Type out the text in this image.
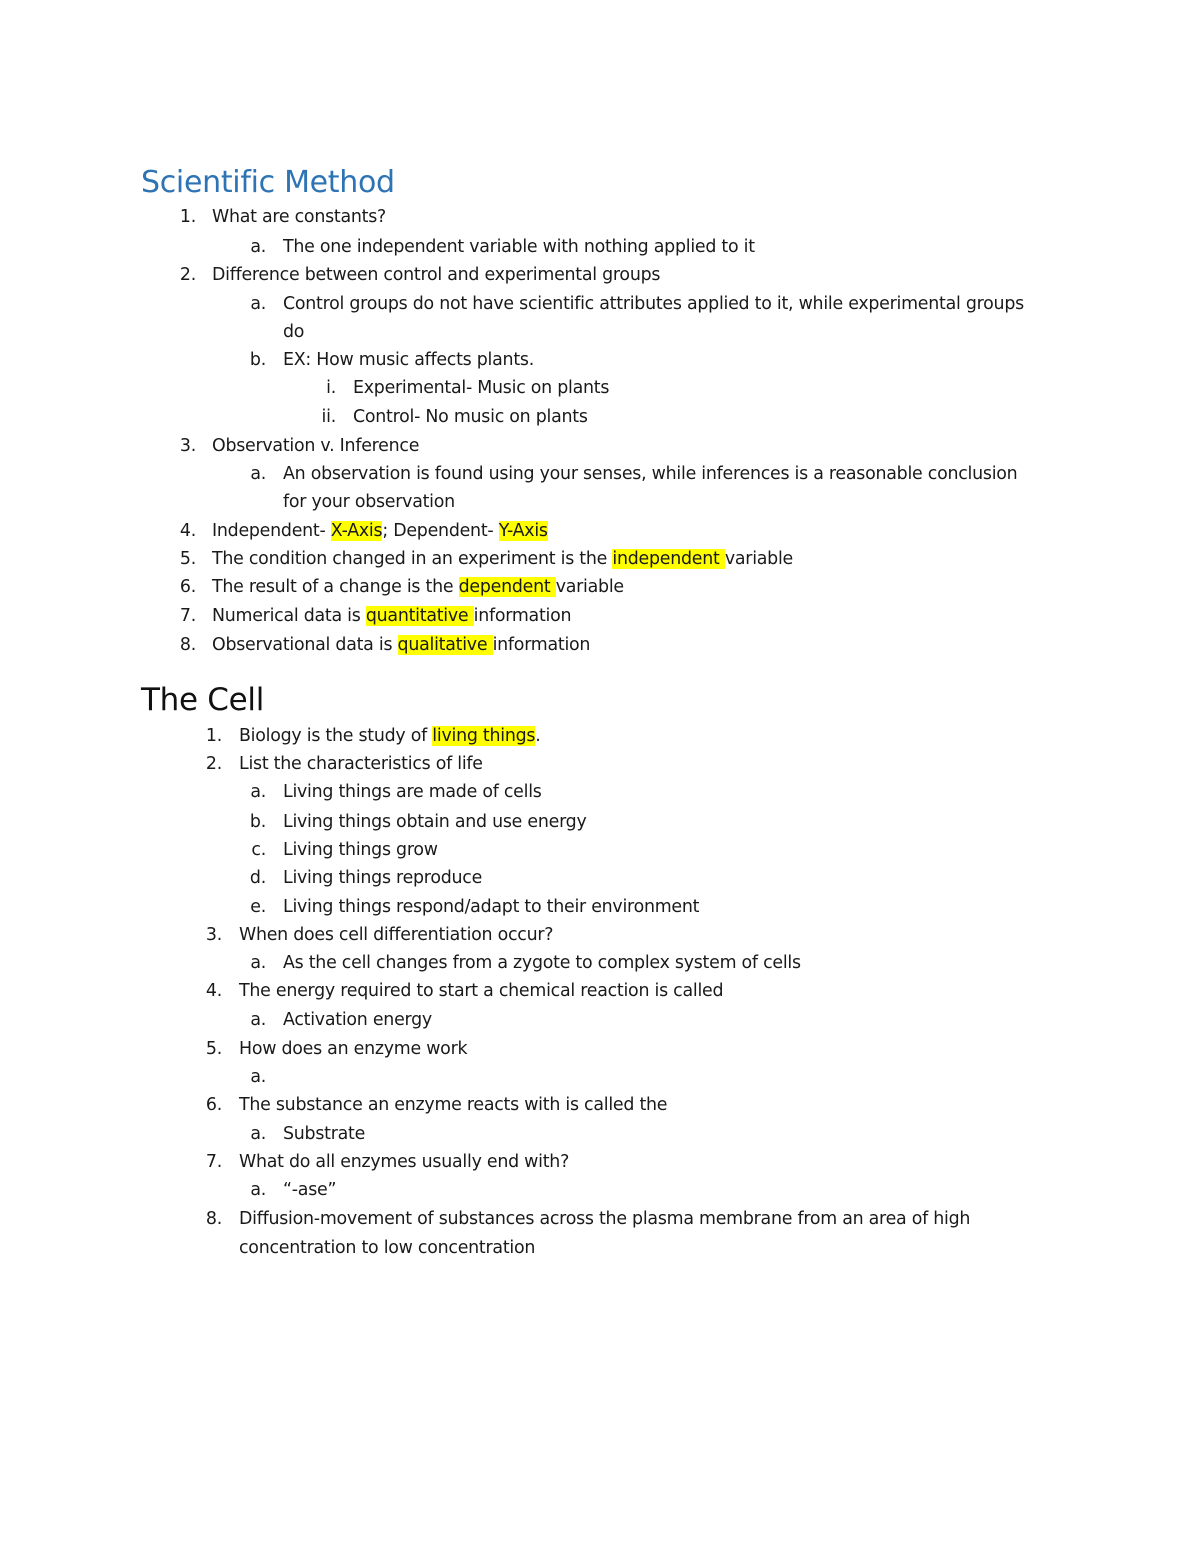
Scientific Method
1. What are constants?
a. The one independent variable with nothing applied to it
2. Difference between control and experimental groups
a. Control groups do not have scientific attributes applied to it, while experimental groups
do
b. EX: How music affects plants.
i. Experimental- Music on plants
ii. Control- No music on plants
3. Observation v. Inference
a. An observation is found using your senses, while inferences is a reasonable conclusion
for your observation
4. Independent- X-Axis; Dependent- Y-Axis
5. The condition changed in an experiment is the independent variable
6. The result of a change is the dependent variable
7. Numerical data is quantitative information
8. Observational data is qualitative information
The Cell
1. Biology is the study of living things.
2. List the characteristics of life
a. Living things are made of cells
b. Living things obtain and use energy
c. Living things grow
d. Living things reproduce
e. Living things respond/adapt to their environment
3. When does cell differentiation occur?
a. As the cell changes from a zygote to complex system of cells
4. The energy required to start a chemical reaction is called
a. Activation energy
5. How does an enzyme work
a.
6. The substance an enzyme reacts with is called the
a. Substrate
7. What do all enzymes usually end with?
a. “-ase”
8. Diffusion-movement of substances across the plasma membrane from an area of high
concentration to low concentration
